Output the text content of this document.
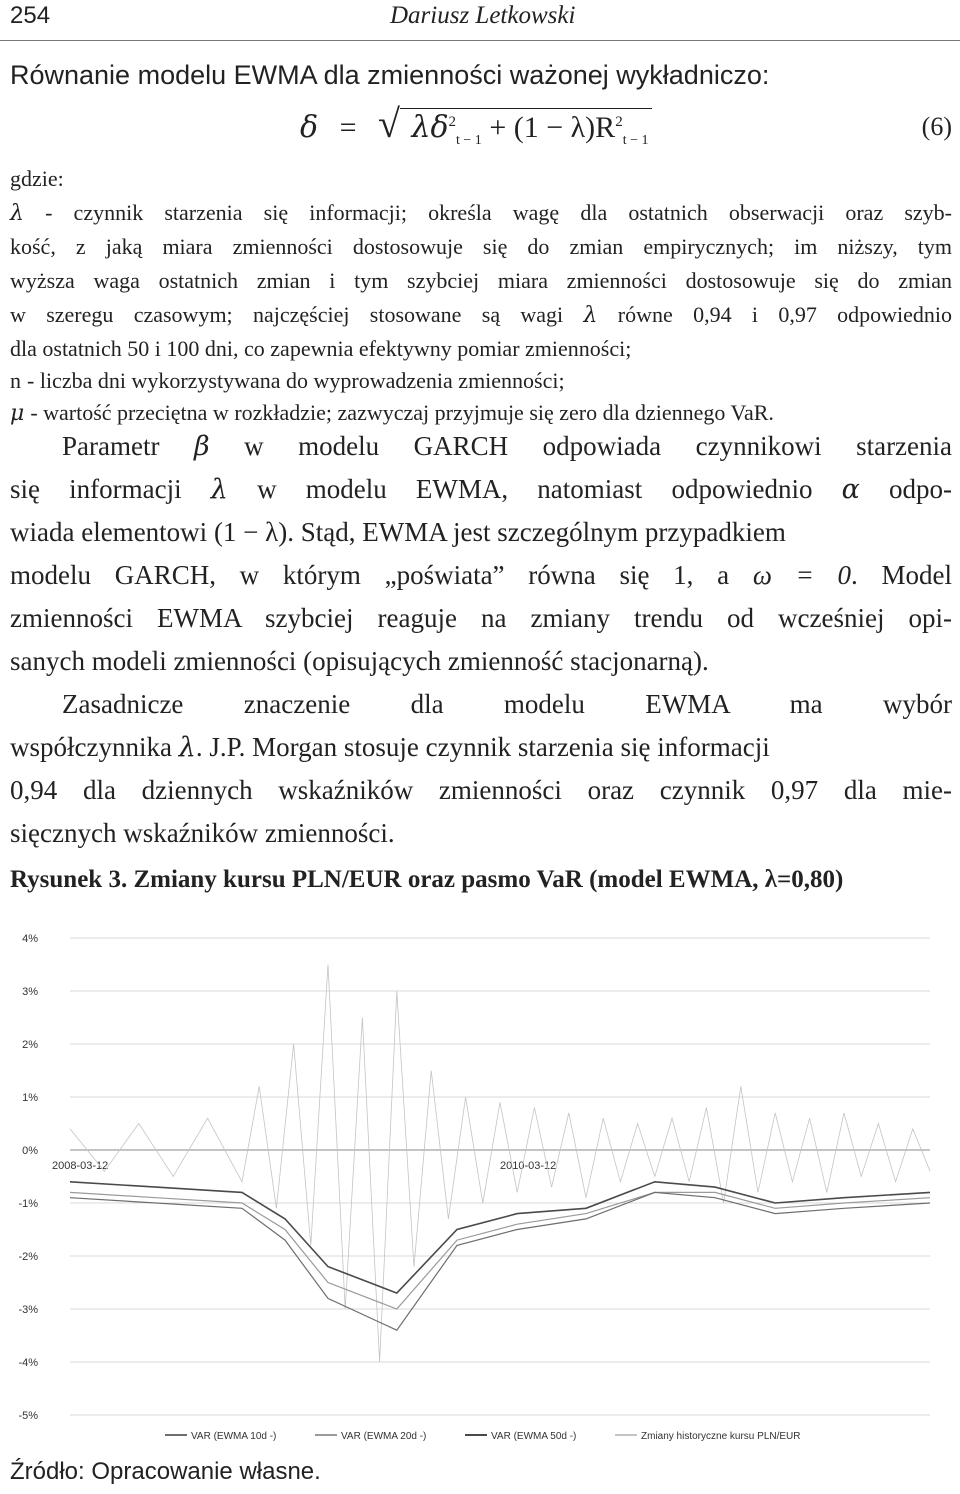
254	Dariusz Letkowski
Równanie modelu EWMA dla zmienności ważonej wykładniczo:
δ = √ $\lambda\delta^2_{t - 1} + (1 - \lambda)R^2_{t - 1}$	(6)
gdzie:
λ - czynnik starzenia się informacji; określa wagę dla ostatnich obserwacji oraz szyb-
kość, z jaką miara zmienności dostosowuje się do zmian empirycznych; im niższy, tym
wyższa waga ostatnich zmian i tym szybciej miara zmienności dostosowuje się do zmian
w szeregu czasowym; najczęściej stosowane są wagi λ równe 0,94 i 0,97 odpowiednio
dla ostatnich 50 i 100 dni, co zapewnia efektywny pomiar zmienności;
n - liczba dni wykorzystywana do wyprowadzenia zmienności;
μ - wartość przeciętna w rozkładzie; zazwyczaj przyjmuje się zero dla dziennego VaR.
Parametr β w modelu GARCH odpowiada czynnikowi starzenia
się informacji λ w modelu EWMA, natomiast odpowiednio α odpo-
wiada elementowi (1 − λ). Stąd, EWMA jest szczególnym przypadkiem
modelu GARCH, w którym „poświata” równa się 1, a ω = 0. Model
zmienności EWMA szybciej reaguje na zmiany trendu od wcześniej opi-
sanych modeli zmienności (opisujących zmienność stacjonarną).
Zasadnicze znaczenie dla modelu EWMA ma wybór
współczynnika λ. J.P. Morgan stosuje czynnik starzenia się informacji
0,94 dla dziennych wskaźników zmienności oraz czynnik 0,97 dla mie-
sięcznych wskaźników zmienności.
Rysunek 3. Zmiany kursu PLN/EUR oraz pasmo VaR (model EWMA, λ=0,80)
4%
3%
2%
1%
0%
-1%
-2%
-3%
-4%
-5%
2008-03-12	2010-03-12
VAR (EWMA 10d -)	VAR (EWMA 20d -)	VAR (EWMA 50d -)	Zmiany historyczne kursu PLN/EUR
Źródło: Opracowanie własne.
